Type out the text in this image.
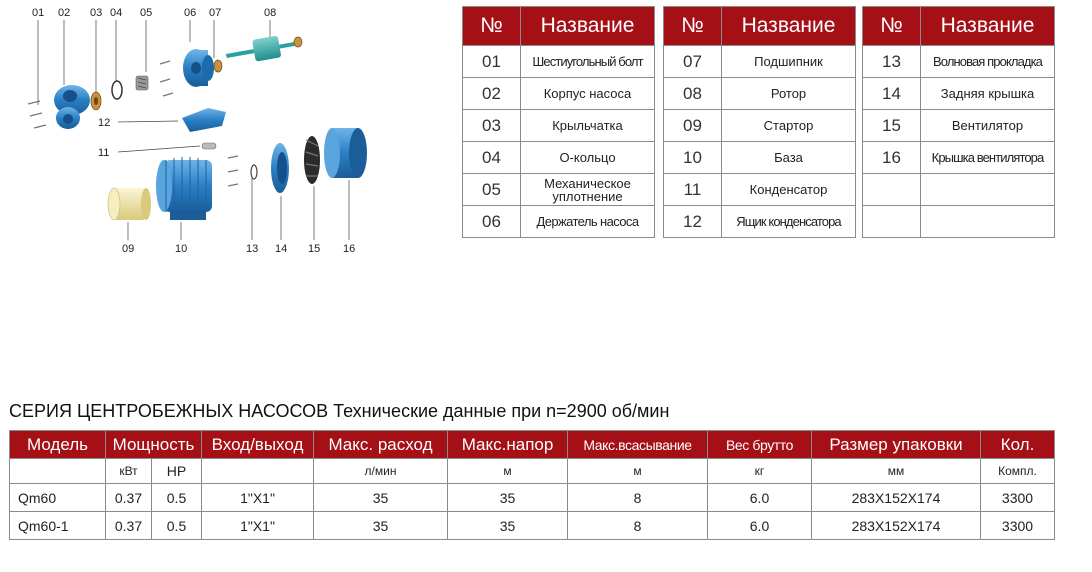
01 02 03 04 05	06 07	08
09	10
11
12
13 14 15 16
№	Название
01	Шестиугольный болт
02	Корпус насоса
03	Крыльчатка
04	О-кольцо
05	Механическое
уплотнение

06	Держатель насоса
№	Название
07	Подшипник
08	Ротор
09	Стартор
10	База
11	Конденсатор
12	Ящик конденсатора
№	Название
13	Волновая прокладка
14	Задняя крышка
15	Вентилятор
16	Крышка вентилятора

СЕРИЯ ЦЕНТРОБЕЖНЫХ НАСОСОВ Технические данные при n=2900 об/мин
Модель	Мощность		Вход/выход	Макс. расход	Макс.напор	Макс.всасывание	Вес брутто	Размер упаковки	Кол.
	кВт	HP		л/мин	м	м	кг	мм	Компл.
Qm60	0.37	0.5	1"X1"	35	35	8	6.0	283X152X174	3300
Qm60-1	0.37	0.5	1"X1"	35	35	8	6.0	283X152X174	3300
